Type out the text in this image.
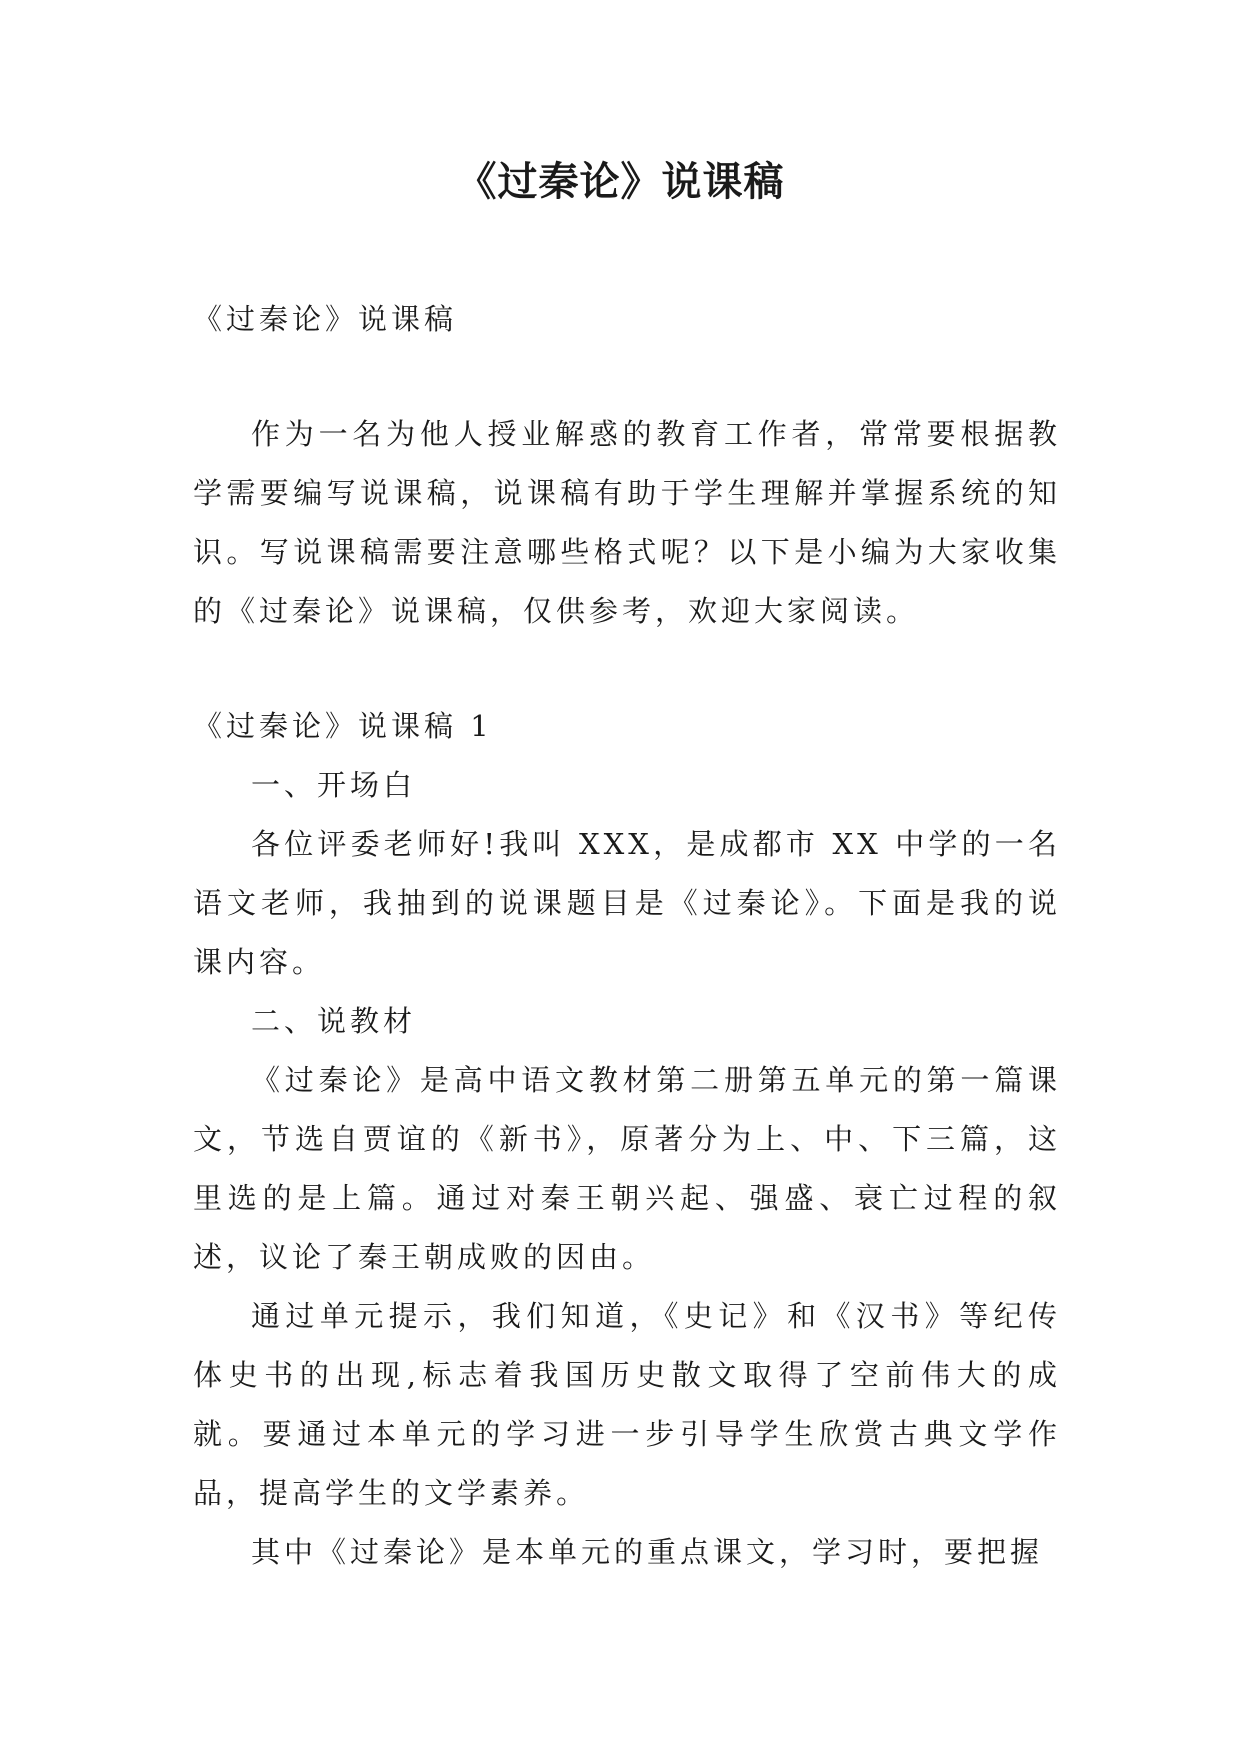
《过秦论》说课稿

《过秦论》说课稿

作为一名为他人授业解惑的教育工作者，常常要根据教学需要编写说课稿，说课稿有助于学生理解并掌握系统的知识。写说课稿需要注意哪些格式呢？以下是小编为大家收集的《过秦论》说课稿，仅供参考，欢迎大家阅读。

《过秦论》说课稿 1

一、开场白

各位评委老师好!我叫 XXX，是成都市 XX 中学的一名语文老师，我抽到的说课题目是《过秦论》。下面是我的说课内容。

二、说教材

《过秦论》是高中语文教材第二册第五单元的第一篇课文，节选自贾谊的《新书》，原著分为上、中、下三篇，这里选的是上篇。通过对秦王朝兴起、强盛、衰亡过程的叙述，议论了秦王朝成败的因由。

通过单元提示，我们知道，《史记》和《汉书》等纪传体史书的出现,标志着我国历史散文取得了空前伟大的成就。要通过本单元的学习进一步引导学生欣赏古典文学作品，提高学生的文学素养。

其中《过秦论》是本单元的重点课文，学习时，要把握
